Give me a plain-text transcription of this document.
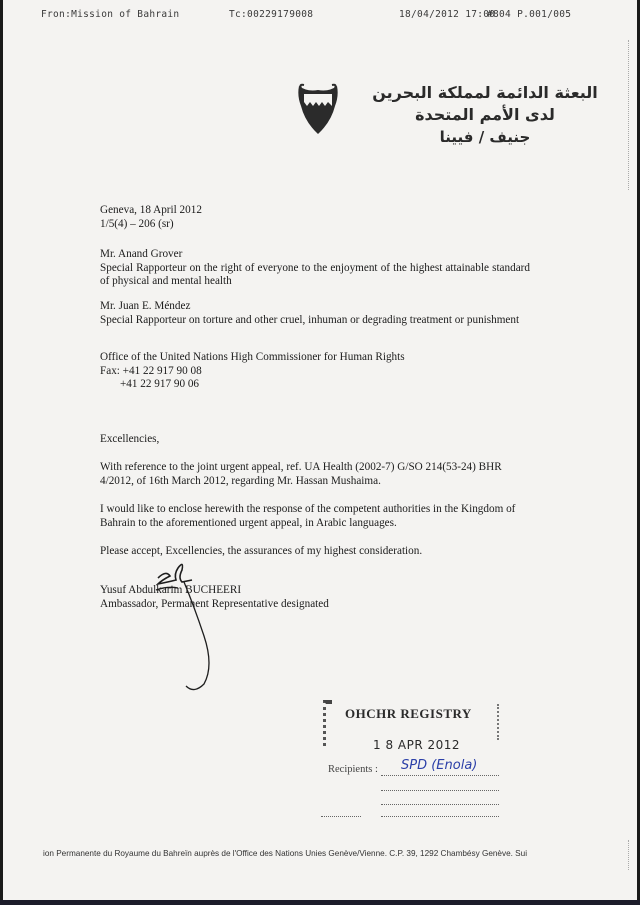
Fron:Mission of Bahrain	Tc:00229179008	18/04/2012 17:00
#804 P.001/005
البعثة الدائمة لمملكة البحرين
لدى الأمم المتحدة
جنيف / فيينا

Geneva, 18 April 2012

1/5(4) – 206 (sr)

Mr. Anand Grover

Special Rapporteur on the right of everyone to the enjoyment of the highest attainable standard of physical and mental health

Mr. Juan E. Méndez

Special Rapporteur on torture and other cruel, inhuman or degrading treatment or punishment

Office of the United Nations High Commissioner for Human Rights

Fax: +41 22 917 90 08

+41 22 917 90 06

Excellencies,

With reference to the joint urgent appeal, ref. UA Health (2002-7) G/SO 214(53-24) BHR 4/2012, of 16th March 2012, regarding Mr. Hassan Mushaima.

I would like to enclose herewith the response of the competent authorities in the Kingdom of Bahrain to the aforementioned urgent appeal, in Arabic languages.

Please accept, Excellencies, the assurances of my highest consideration.

Yusuf Abdulkarim BUCHEERI

Ambassador, Permanent Representative designated

OHCHR REGISTRY
1 8 APR 2012
Recipients : SPD (Enola)
ion Permanente du Royaume du Bahreïn auprès de l'Office des Nations Unies Genève/Vienne. C.P. 39, 1292 Chambésy Genève. Sui
